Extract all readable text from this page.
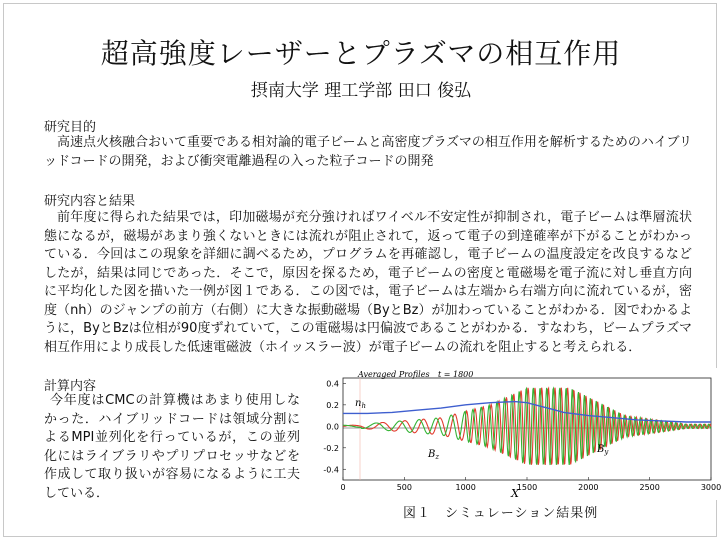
超高強度レーザーとプラズマの相互作用
摂南大学 理工学部 田口 俊弘
研究目的
高速点火核融合おいて重要である相対論的電子ビームと高密度プラズマの相互作用を解析するためのハイブリッドコードの開発，および衝突電離過程の入った粒子コードの開発
研究内容と結果
前年度に得られた結果では，印加磁場が充分強ければワイベル不安定性が抑制され，電子ビームは準層流状態になるが，磁場があまり強くないときには流れが阻止されて，返って電子の到達確率が下がることがわかっている．今回はこの現象を詳細に調べるため，プログラムを再確認し，電子ビームの温度設定を改良するなどしたが，結果は同じであった．そこで，原因を探るため，電子ビームの密度と電磁場を電子流に対し垂直方向に平均化した図を描いた一例が図１である．この図では，電子ビームは左端から右端方向に流れているが，密度（nh）のジャンプの前方（右側）に大きな振動磁場（ByとBz）が加わっていることがわかる．図でわかるように，ByとBzは位相が90度ずれていて，この電磁場は円偏波であることがわかる．すなわち，ビームプラズマ相互作用により成長した低速電磁波（ホイッスラー波）が電子ビームの流れを阻止すると考えられる．
計算内容
今年度はCMCの計算機はあまり使用しなかった．ハイブリッドコードは領域分割によるMPI並列化を行っているが，この並列化にはライブラリやプリプロセッサなどを作成して取り扱いが容易になるように工夫している．
Averaged Profiles t = 1800
0.4
0.2
0.0
-0.2
-0.4
0	500	1000	1500	2000	2500	3000
$n_h$
$B_z$
$B_y$
X
図１　シミュレーション結果例
